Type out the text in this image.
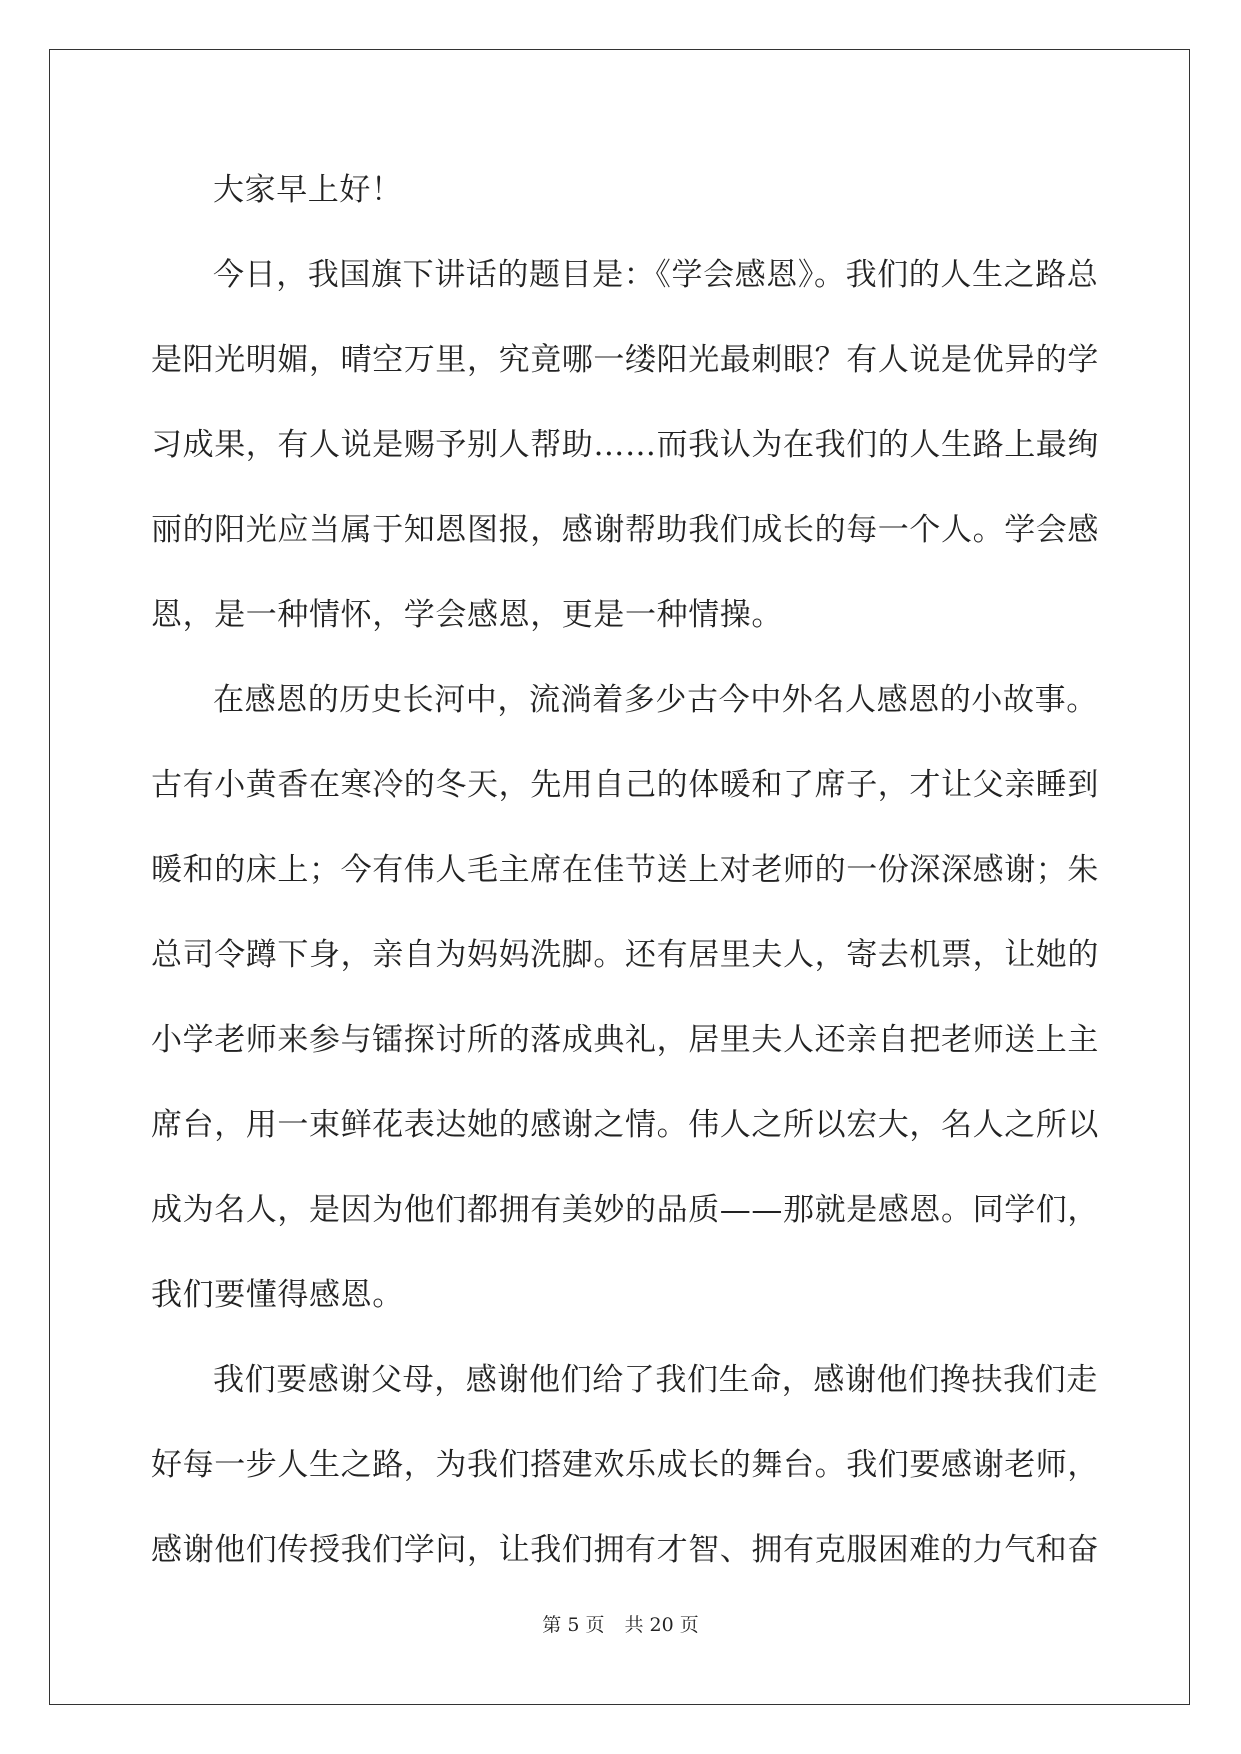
大家早上好！
今日，我国旗下讲话的题目是：《学会感恩》。我们的人生之路总
是阳光明媚，晴空万里，究竟哪一缕阳光最刺眼？有人说是优异的学
习成果，有人说是赐予别人帮助……而我认为在我们的人生路上最绚
丽的阳光应当属于知恩图报，感谢帮助我们成长的每一个人。学会感
恩，是一种情怀，学会感恩，更是一种情操。
在感恩的历史长河中，流淌着多少古今中外名人感恩的小故事。
古有小黄香在寒冷的冬天，先用自己的体暖和了席子，才让父亲睡到
暖和的床上；今有伟人毛主席在佳节送上对老师的一份深深感谢；朱
总司令蹲下身，亲自为妈妈洗脚。还有居里夫人，寄去机票，让她的
小学老师来参与镭探讨所的落成典礼，居里夫人还亲自把老师送上主
席台，用一束鲜花表达她的感谢之情。伟人之所以宏大，名人之所以
成为名人，是因为他们都拥有美妙的品质——那就是感恩。同学们，
我们要懂得感恩。
我们要感谢父母，感谢他们给了我们生命，感谢他们搀扶我们走
好每一步人生之路，为我们搭建欢乐成长的舞台。我们要感谢老师，
感谢他们传授我们学问，让我们拥有才智、拥有克服困难的力气和奋
第 5 页 共 20 页
